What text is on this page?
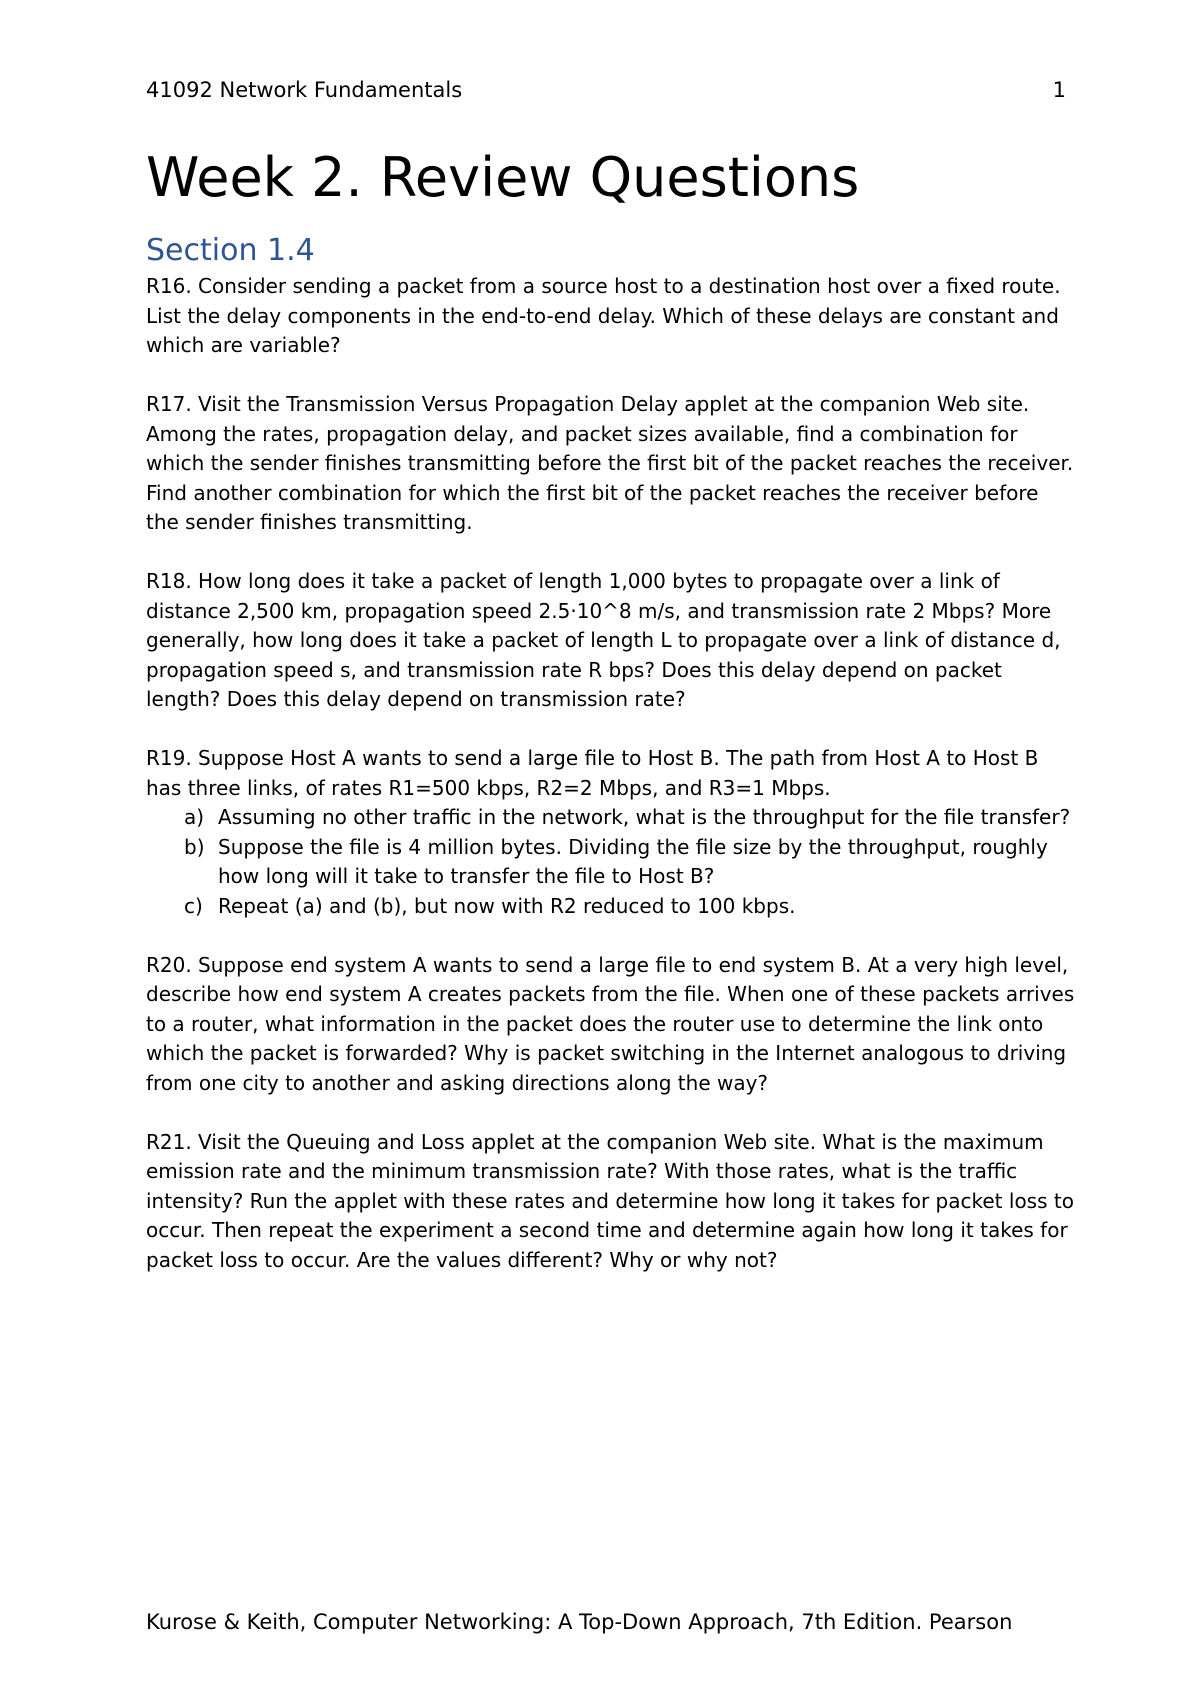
41092 Network Fundamentals	1
Week 2. Review Questions
Section 1.4

R16. Consider sending a packet from a source host to a destination host over a fixed route. List the delay components in the end-to-end delay. Which of these delays are constant and which are variable?

R17. Visit the Transmission Versus Propagation Delay applet at the companion Web site. Among the rates, propagation delay, and packet sizes available, find a combination for which the sender finishes transmitting before the first bit of the packet reaches the receiver. Find another combination for which the first bit of the packet reaches the receiver before the sender finishes transmitting.

R18. How long does it take a packet of length 1,000 bytes to propagate over a link of distance 2,500 km, propagation speed 2.5·10^8 m/s, and transmission rate 2 Mbps? More generally, how long does it take a packet of length L to propagate over a link of distance d, propagation speed s, and transmission rate R bps? Does this delay depend on packet length? Does this delay depend on transmission rate?

R19. Suppose Host A wants to send a large file to Host B. The path from Host A to Host B has three links, of rates R1=500 kbps, R2=2 Mbps, and R3=1 Mbps.
a) Assuming no other traffic in the network, what is the throughput for the file transfer?
b) Suppose the file is 4 million bytes. Dividing the file size by the throughput, roughly how long will it take to transfer the file to Host B?
c) Repeat (a) and (b), but now with R2 reduced to 100 kbps.

R20. Suppose end system A wants to send a large file to end system B. At a very high level, describe how end system A creates packets from the file. When one of these packets arrives to a router, what information in the packet does the router use to determine the link onto which the packet is forwarded? Why is packet switching in the Internet analogous to driving from one city to another and asking directions along the way?

R21. Visit the Queuing and Loss applet at the companion Web site. What is the maximum emission rate and the minimum transmission rate? With those rates, what is the traffic intensity? Run the applet with these rates and determine how long it takes for packet loss to occur. Then repeat the experiment a second time and determine again how long it takes for packet loss to occur. Are the values different? Why or why not?

Kurose & Keith, Computer Networking: A Top-Down Approach, 7th Edition. Pearson
